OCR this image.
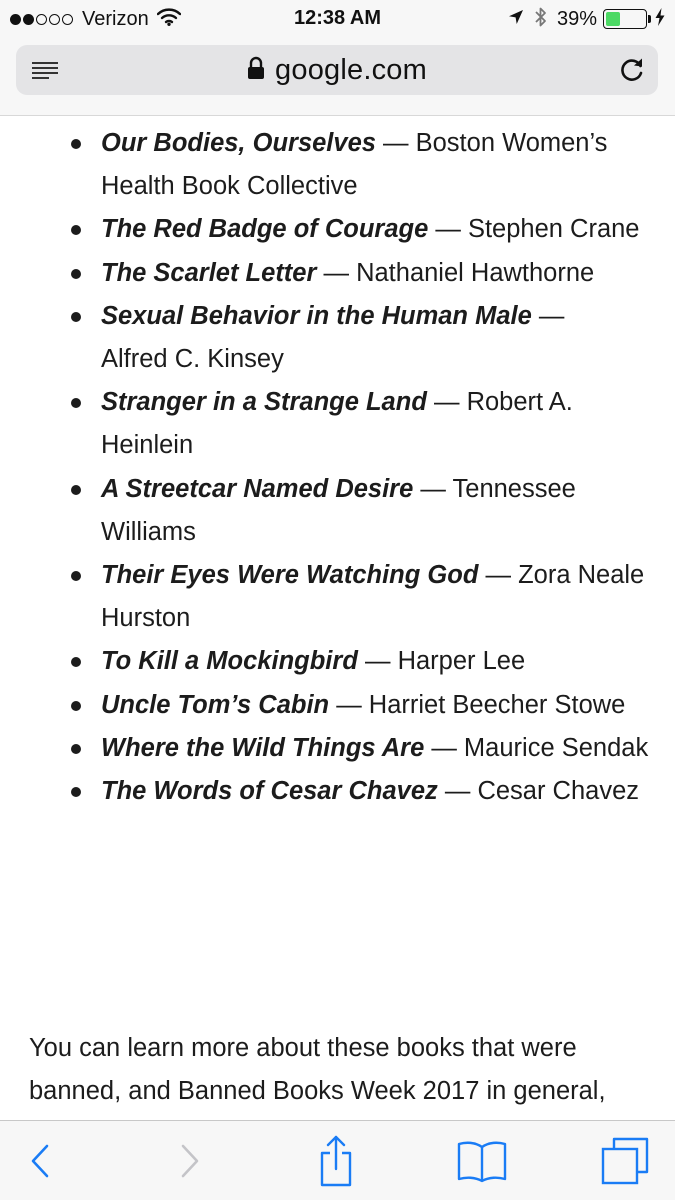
Verizon	12:38 AM	39%
google.com
Our Bodies, Ourselves — Boston Women’s Health Book Collective
The Red Badge of Courage — Stephen Crane
The Scarlet Letter — Nathaniel Hawthorne
Sexual Behavior in the Human Male — Alfred C. Kinsey
Stranger in a Strange Land — Robert A. Heinlein
A Streetcar Named Desire — Tennessee Williams
Their Eyes Were Watching God — Zora Neale Hurston
To Kill a Mockingbird — Harper Lee
Uncle Tom’s Cabin — Harriet Beecher Stowe
Where the Wild Things Are — Maurice Sendak
The Words of Cesar Chavez — Cesar Chavez

You can learn more about these books that were banned, and Banned Books Week 2017 in general,
